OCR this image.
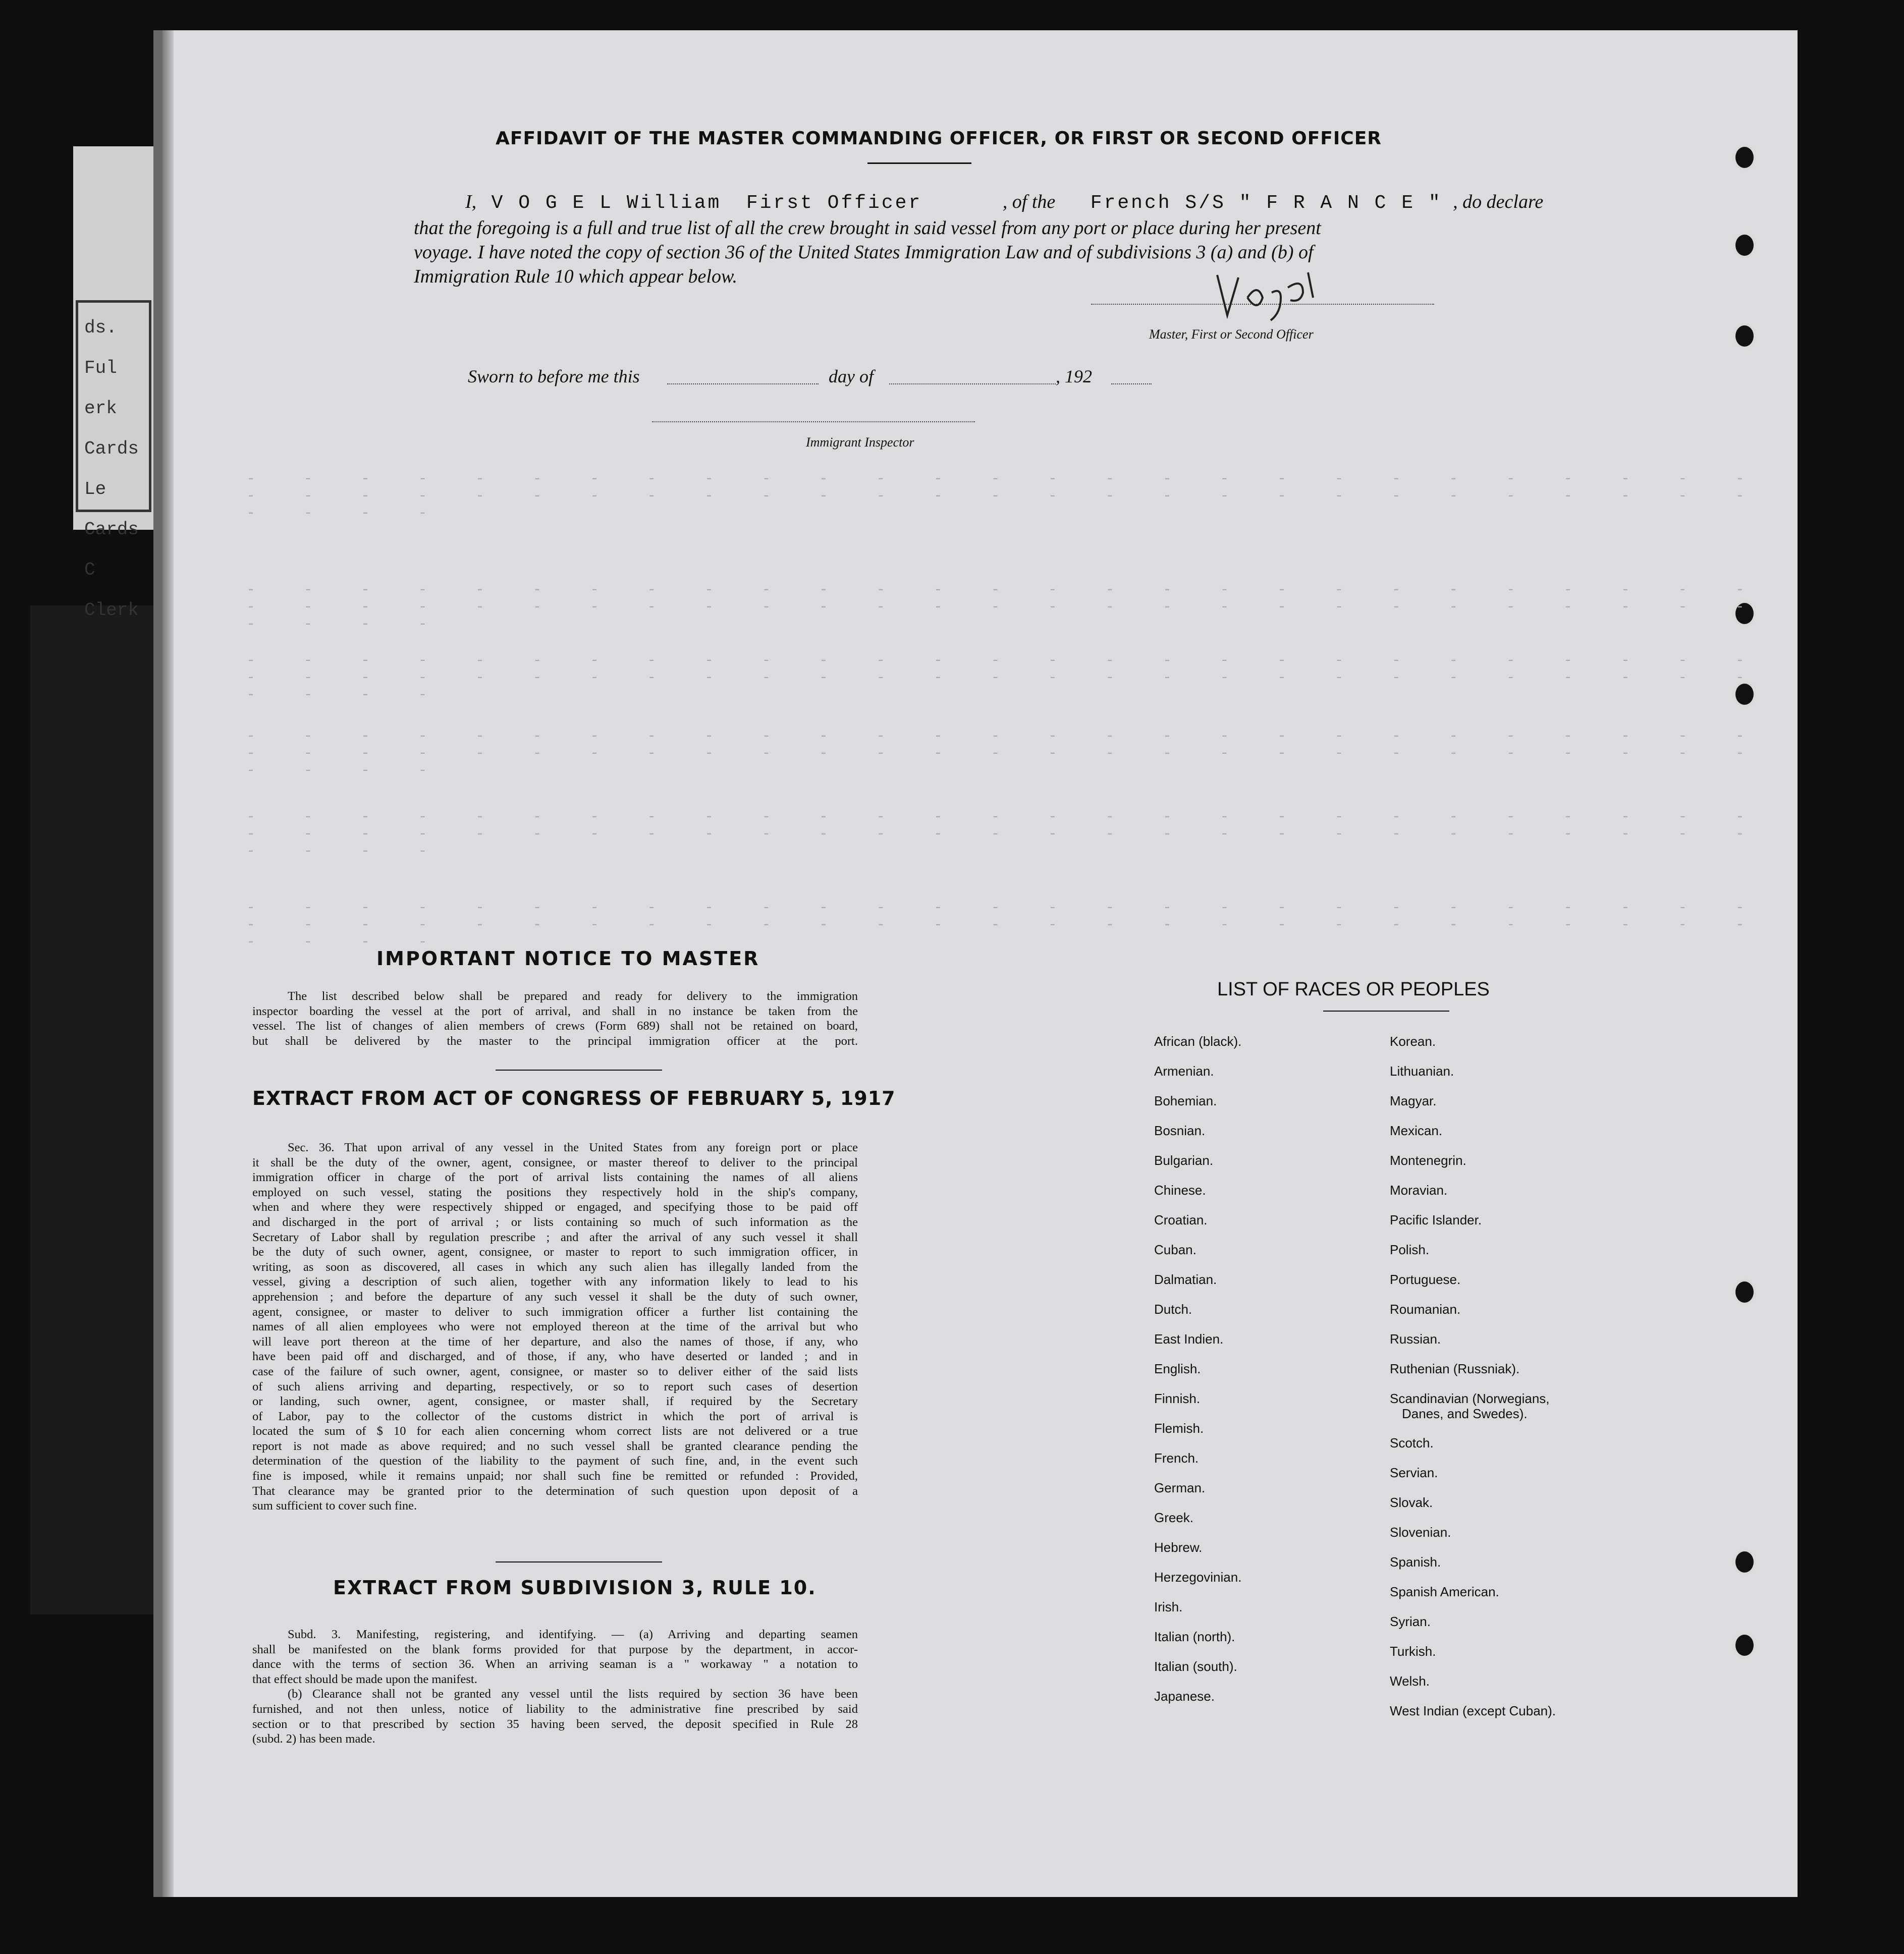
ds. Ful
erk
Cards Le
Cards C
Clerk
- - - - - - - - - - - - - - - - - - - - - - - - - - - - - - - - - - - - - - - - - - - - - - - - - - - - - - - - - -
- - - - - - - - - - - - - - - - - - - - - - - - - - - - - - - - - - - - - - - - - - - - - - - - - - - - - - - - - -
- - - - - - - - - - - - - - - - - - - - - - - - - - - - - - - - - - - - - - - - - - - - - - - - - - - - - - - - - -
- - - - - - - - - - - - - - - - - - - - - - - - - - - - - - - - - - - - - - - - - - - - - - - - - - - - - - - - - -
- - - - - - - - - - - - - - - - - - - - - - - - - - - - - - - - - - - - - - - - - - - - - - - - - - - - - - - - - -
- - - - - - - - - - - - - - - - - - - - - - - - - - - - - - - - - - - - - - - - - - - - - - - - - - - - - - - - - -
AFFIDAVIT OF THE MASTER COMMANDING OFFICER, OR FIRST OR SECOND OFFICER
I, V O G E L William First Officer	, of the French S/S " F R A N C E " , do declare
that the foregoing is a full and true list of all the crew brought in said vessel from any port or place during her present
voyage. I have noted the copy of section 36 of the United States Immigration Law and of subdivisions 3 (a) and (b) of
Immigration Rule 10 which appear below.
Master, First or Second Officer
Sworn to before me this	day of	, 192
Immigrant Inspector
IMPORTANT NOTICE TO MASTER

The list described below shall be prepared and ready for delivery to the immigration

inspector boarding the vessel at the port of arrival, and shall in no instance be taken from the

vessel. The list of changes of alien members of crews (Form 689) shall not be retained on board,

but shall be delivered by the master to the principal immigration officer at the port.

EXTRACT FROM ACT OF CONGRESS OF FEBRUARY 5, 1917

Sec. 36. That upon arrival of any vessel in the United States from any foreign port or place

it shall be the duty of the owner, agent, consignee, or master thereof to deliver to the principal

immigration officer in charge of the port of arrival lists containing the names of all aliens

employed on such vessel, stating the positions they respectively hold in the ship's company,

when and where they were respectively shipped or engaged, and specifying those to be paid off

and discharged in the port of arrival ; or lists containing so much of such information as the

Secretary of Labor shall by regulation prescribe ; and after the arrival of any such vessel it shall

be the duty of such owner, agent, consignee, or master to report to such immigration officer, in

writing, as soon as discovered, all cases in which any such alien has illegally landed from the

vessel, giving a description of such alien, together with any information likely to lead to his

apprehension ; and before the departure of any such vessel it shall be the duty of such owner,

agent, consignee, or master to deliver to such immigration officer a further list containing the

names of all alien employees who were not employed thereon at the time of the arrival but who

will leave port thereon at the time of her departure, and also the names of those, if any, who

have been paid off and discharged, and of those, if any, who have deserted or landed ; and in

case of the failure of such owner, agent, consignee, or master so to deliver either of the said lists

of such aliens arriving and departing, respectively, or so to report such cases of desertion

or landing, such owner, agent, consignee, or master shall, if required by the Secretary

of Labor, pay to the collector of the customs district in which the port of arrival is

located the sum of $ 10 for each alien concerning whom correct lists are not delivered or a true

report is not made as above required; and no such vessel shall be granted clearance pending the

determination of the question of the liability to the payment of such fine, and, in the event such

fine is imposed, while it remains unpaid; nor shall such fine be remitted or refunded : Provided,

That clearance may be granted prior to the determination of such question upon deposit of a

sum sufficient to cover such fine.

EXTRACT FROM SUBDIVISION 3, RULE 10.

Subd. 3. Manifesting, registering, and identifying. — (a) Arriving and departing seamen

shall be manifested on the blank forms provided for that purpose by the department, in accor-

dance with the terms of section 36. When an arriving seaman is a " workaway " a notation to

that effect should be made upon the manifest.

(b) Clearance shall not be granted any vessel until the lists required by section 36 have been

furnished, and not then unless, notice of liability to the administrative fine prescribed by said

section or to that prescribed by section 35 having been served, the deposit specified in Rule 28

(subd. 2) has been made.

LIST OF RACES OR PEOPLES
African (black).
Armenian.
Bohemian.
Bosnian.
Bulgarian.
Chinese.
Croatian.
Cuban.
Dalmatian.
Dutch.
East Indien.
English.
Finnish.
Flemish.
French.
German.
Greek.
Hebrew.
Herzegovinian.
Irish.
Italian (north).
Italian (south).
Japanese.
Korean.
Lithuanian.
Magyar.
Mexican.
Montenegrin.
Moravian.
Pacific Islander.
Polish.
Portuguese.
Roumanian.
Russian.
Ruthenian (Russniak).
Scandinavian (Norwegians,
Danes, and Swedes).
Scotch.
Servian.
Slovak.
Slovenian.
Spanish.
Spanish American.
Syrian.
Turkish.
Welsh.
West Indian (except Cuban).
